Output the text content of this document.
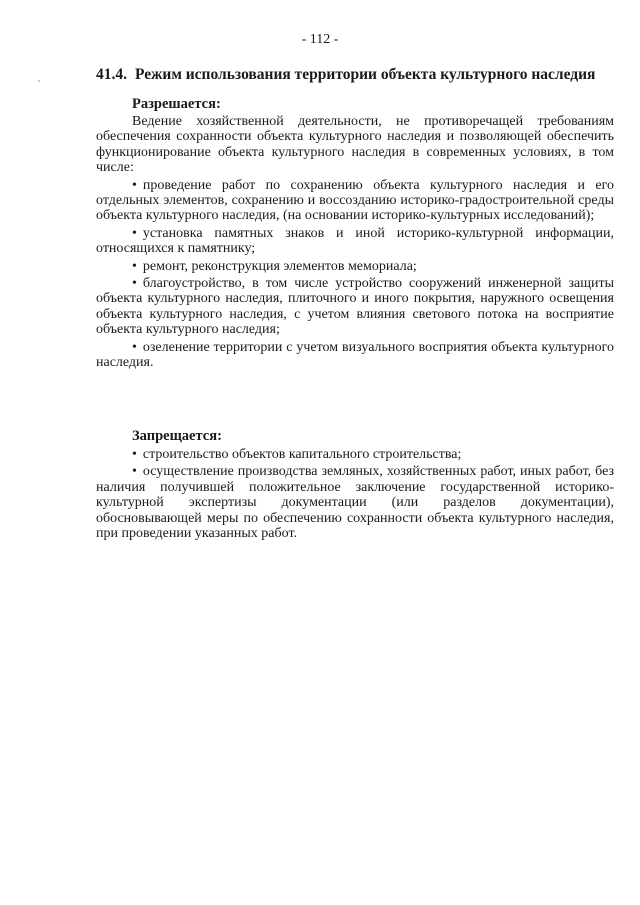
- 112 -
41.4. Режим использования территории объекта культурного наследия
Разрешается:

Ведение хозяйственной деятельности, не противоречащей требованиям обеспечения сохранности объекта культурного наследия и позволяющей обеспечить функционирование объекта культурного наследия в современных условиях, в том числе:

• проведение работ по сохранению объекта культурного наследия и его отдельных элементов, сохранению и воссозданию историко-градостроительной среды объекта культурного наследия, (на основании историко-культурных исследований);

• установка памятных знаков и иной историко-культурной информации, относящихся к памятнику;

• ремонт, реконструкция элементов мемориала;

• благоустройство, в том числе устройство сооружений инженерной защиты объекта культурного наследия, плиточного и иного покрытия, наружного освещения объекта культурного наследия, с учетом влияния светового потока на восприятие объекта культурного наследия;

• озеленение территории с учетом визуального восприятия объекта культурного наследия.

Запрещается:

• строительство объектов капитального строительства;

• осуществление производства земляных, хозяйственных работ, иных работ, без наличия получившей положительное заключение государственной историко-культурной экспертизы документации (или разделов документации), обосновывающей меры по обеспечению сохранности объекта культурного наследия, при проведении указанных работ.
